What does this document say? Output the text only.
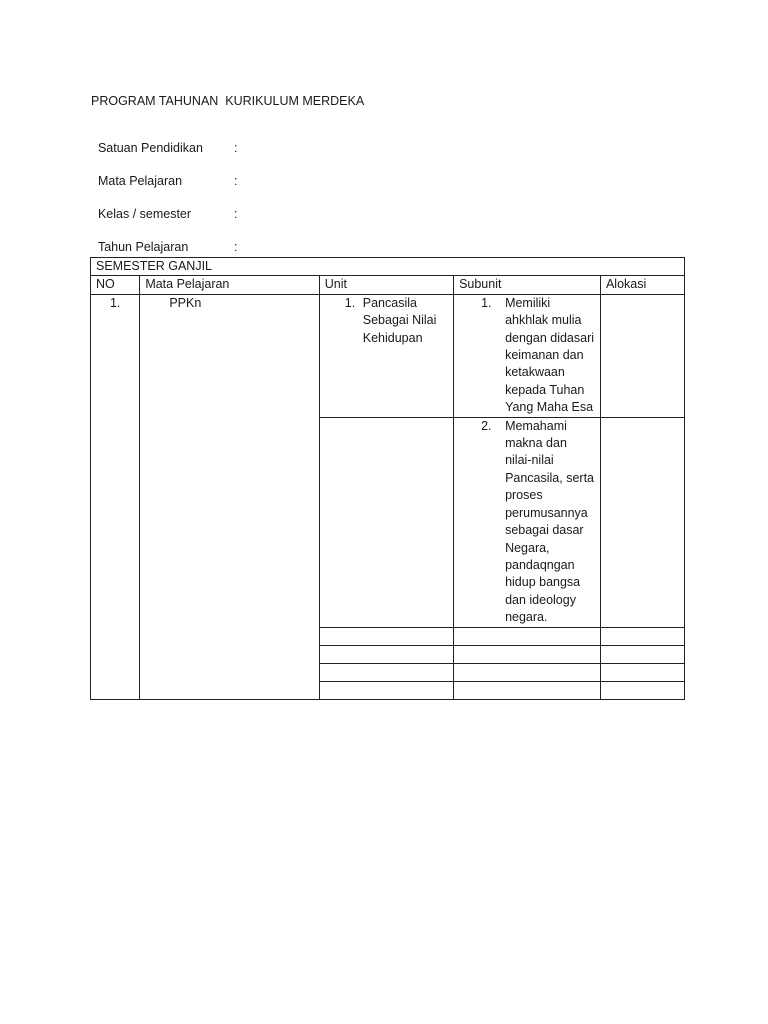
PROGRAM TAHUNAN  KURIKULUM MERDEKA

Satuan Pendidikan :

Mata Pelajaran	:

Kelas / semester	:

Tahun Pelajaran	:

SEMESTER GANJIL				
NO	Mata Pelajaran	Unit	Subunit	Alokasi
1.	PPKn	1. Pancasila Sebagai Nilai Kehidupan	1. Memiliki ahkhlak mulia dengan didasari keimanan dan ketakwaan kepada Tuhan Yang Maha Esa	

			2. Memahami makna dan nilai-nilai Pancasila, serta proses perumusannya sebagai dasar Negara, pandaqngan hidup bangsa dan ideology negara.	
